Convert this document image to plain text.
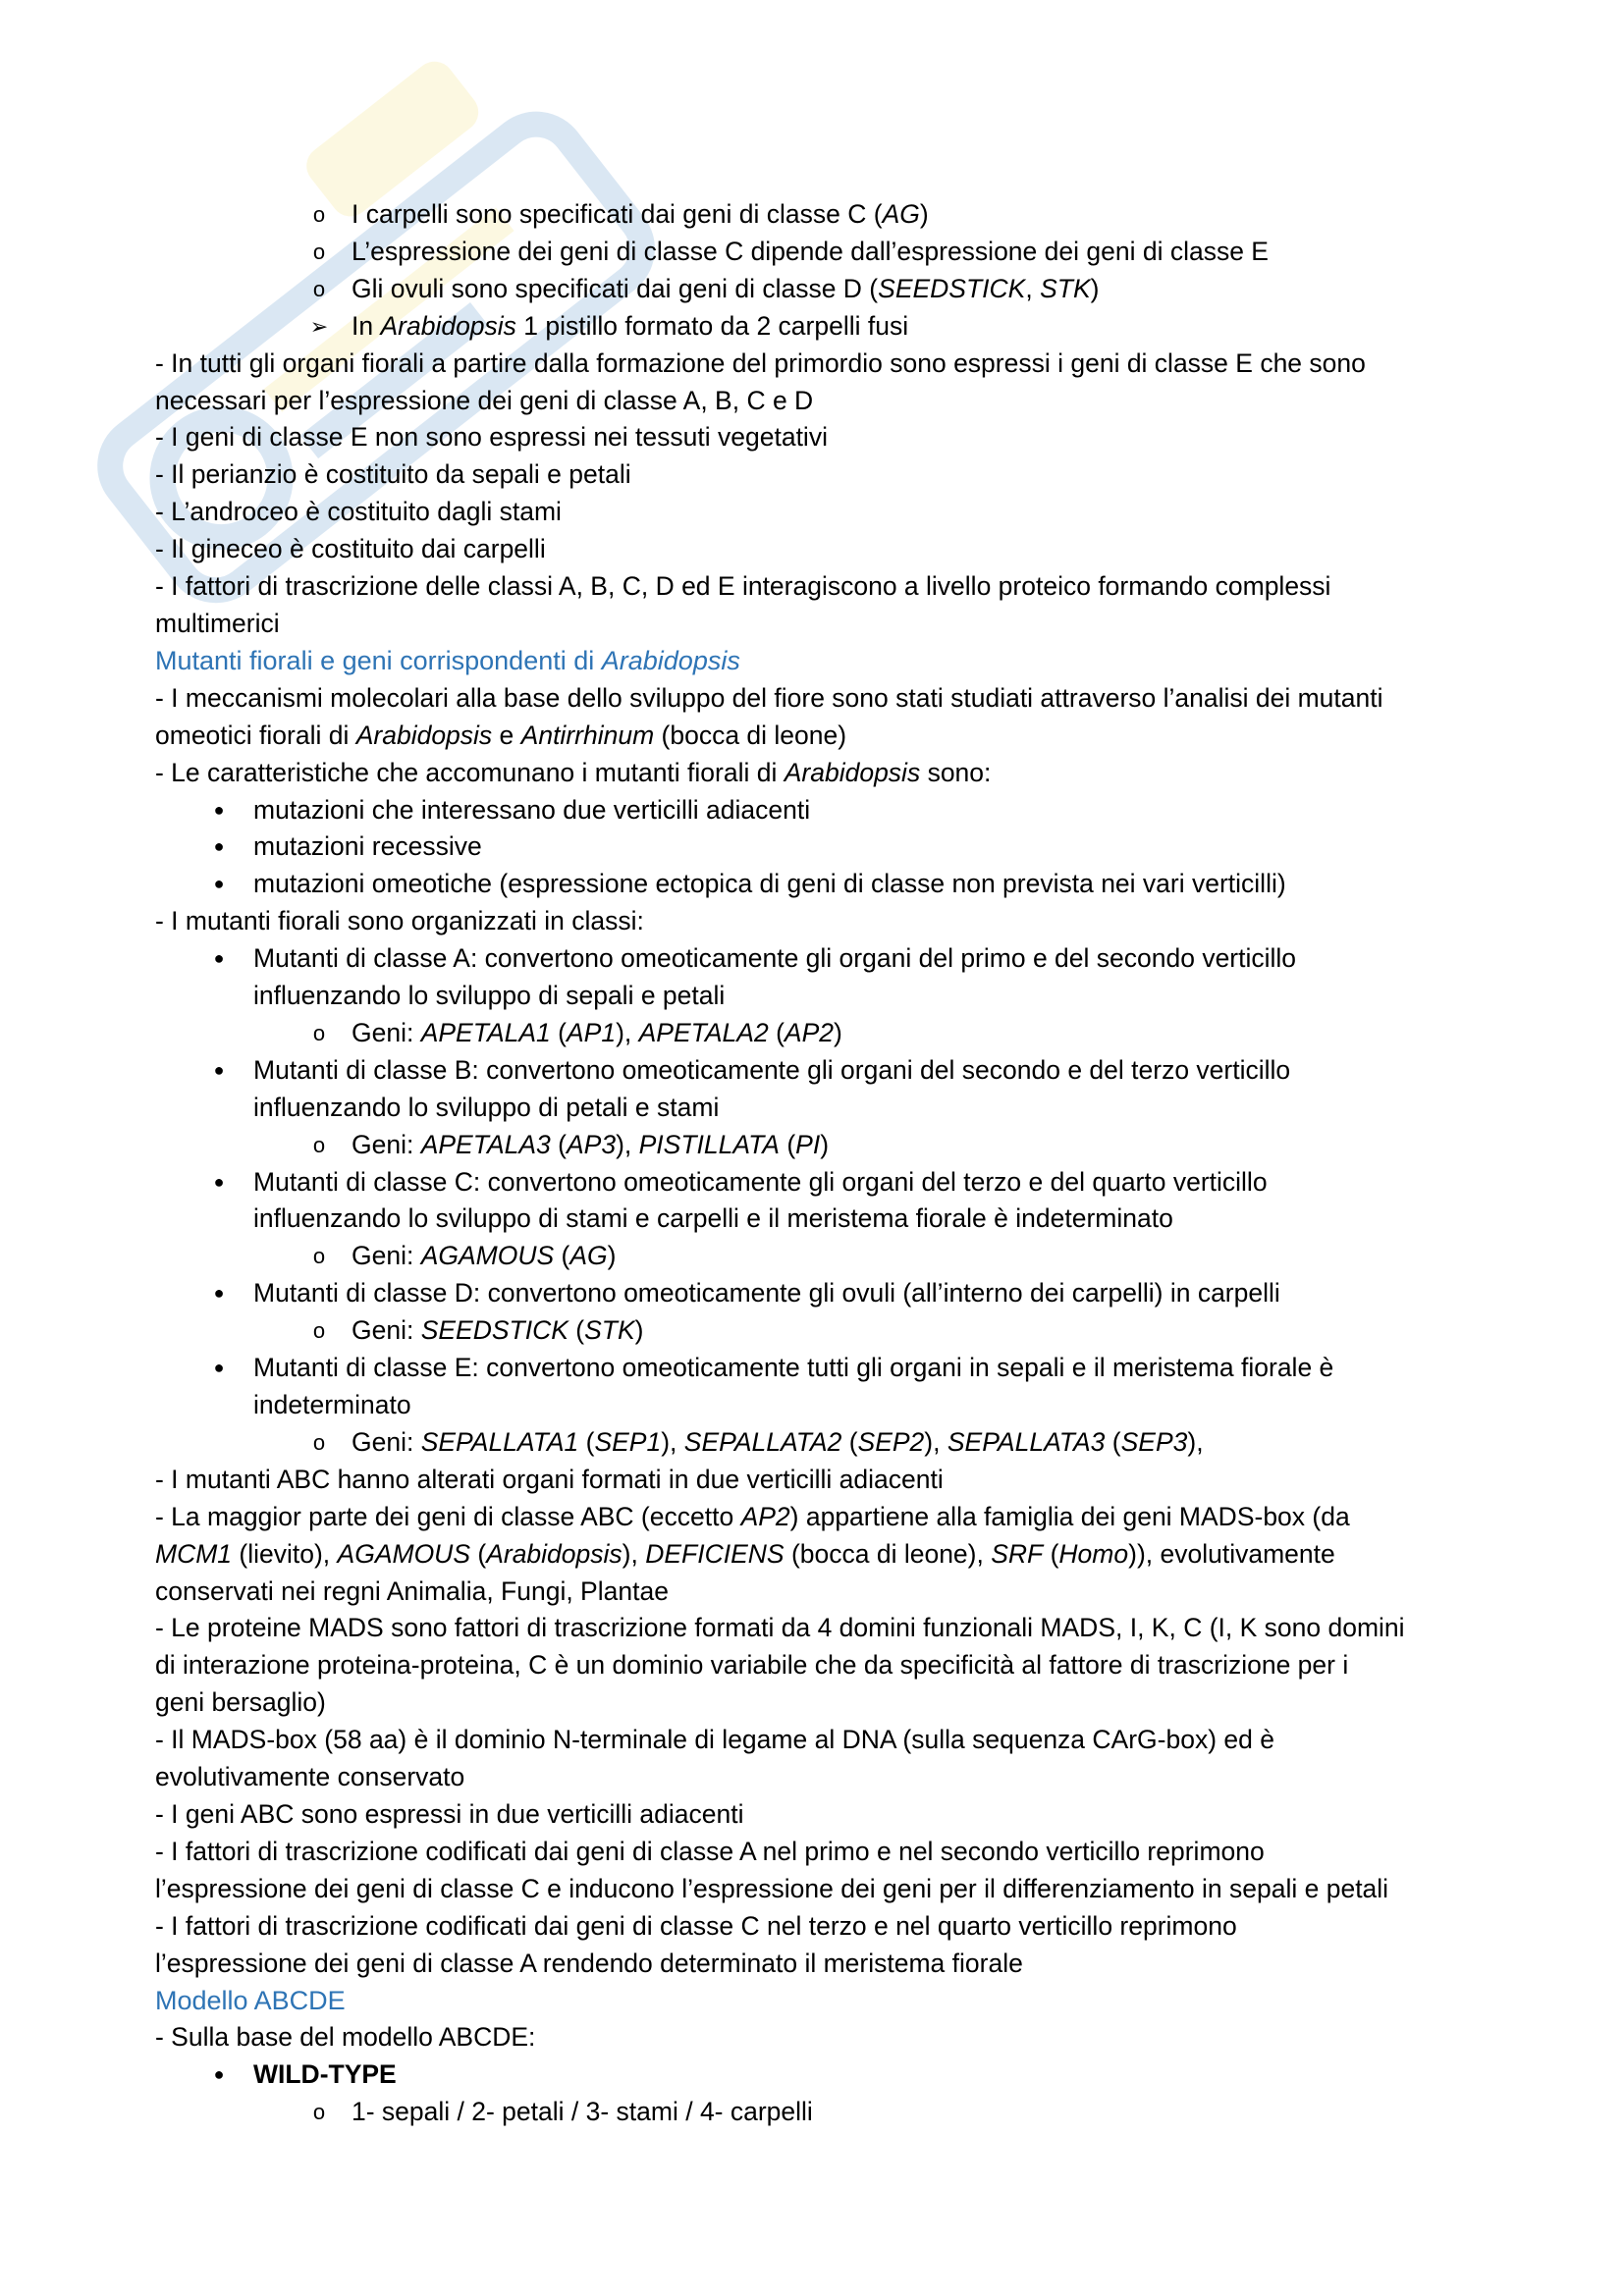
o	I carpelli sono specificati dai geni di classe C (AG)
o	L’espressione dei geni di classe C dipende dall’espressione dei geni di classe E
o	Gli ovuli sono specificati dai geni di classe D (SEEDSTICK, STK)
➢ In Arabidopsis 1 pistillo formato da 2 carpelli fusi
- In tutti gli organi fiorali a partire dalla formazione del primordio sono espressi i geni di classe E che sono
necessari per l’espressione dei geni di classe A, B, C e D
- I geni di classe E non sono espressi nei tessuti vegetativi
- Il perianzio è costituito da sepali e petali
- L’androceo è costituito dagli stami
- Il gineceo è costituito dai carpelli
- I fattori di trascrizione delle classi A, B, C, D ed E interagiscono a livello proteico formando complessi
multimerici
Mutanti fiorali e geni corrispondenti di Arabidopsis
- I meccanismi molecolari alla base dello sviluppo del fiore sono stati studiati attraverso l’analisi dei mutanti
omeotici fiorali di Arabidopsis e Antirrhinum (bocca di leone)
- Le caratteristiche che accomunano i mutanti fiorali di Arabidopsis sono:
●	mutazioni che interessano due verticilli adiacenti
●	mutazioni recessive
●	mutazioni omeotiche (espressione ectopica di geni di classe non prevista nei vari verticilli)
- I mutanti fiorali sono organizzati in classi:
●	Mutanti di classe A: convertono omeoticamente gli organi del primo e del secondo verticillo
influenzando lo sviluppo di sepali e petali
o	Geni: APETALA1 (AP1), APETALA2 (AP2)
●	Mutanti di classe B: convertono omeoticamente gli organi del secondo e del terzo verticillo
influenzando lo sviluppo di petali e stami
o	Geni: APETALA3 (AP3), PISTILLATA (PI)
●	Mutanti di classe C: convertono omeoticamente gli organi del terzo e del quarto verticillo
influenzando lo sviluppo di stami e carpelli e il meristema fiorale è indeterminato
o	Geni: AGAMOUS (AG)
●	Mutanti di classe D: convertono omeoticamente gli ovuli (all’interno dei carpelli) in carpelli
o	Geni: SEEDSTICK (STK)
●	Mutanti di classe E: convertono omeoticamente tutti gli organi in sepali e il meristema fiorale è
indeterminato
o	Geni: SEPALLATA1 (SEP1), SEPALLATA2 (SEP2), SEPALLATA3 (SEP3),
- I mutanti ABC hanno alterati organi formati in due verticilli adiacenti
- La maggior parte dei geni di classe ABC (eccetto AP2) appartiene alla famiglia dei geni MADS-box (da
MCM1 (lievito), AGAMOUS (Arabidopsis), DEFICIENS (bocca di leone), SRF (Homo)), evolutivamente
conservati nei regni Animalia, Fungi, Plantae
- Le proteine MADS sono fattori di trascrizione formati da 4 domini funzionali MADS, I, K, C (I, K sono domini
di interazione proteina-proteina, C è un dominio variabile che da specificità al fattore di trascrizione per i
geni bersaglio)
- Il MADS-box (58 aa) è il dominio N-terminale di legame al DNA (sulla sequenza CArG-box) ed è
evolutivamente conservato
- I geni ABC sono espressi in due verticilli adiacenti
- I fattori di trascrizione codificati dai geni di classe A nel primo e nel secondo verticillo reprimono
l’espressione dei geni di classe C e inducono l’espressione dei geni per il differenziamento in sepali e petali
- I fattori di trascrizione codificati dai geni di classe C nel terzo e nel quarto verticillo reprimono
l’espressione dei geni di classe A rendendo determinato il meristema fiorale
Modello ABCDE
- Sulla base del modello ABCDE:
●	WILD-TYPE
o	1- sepali / 2- petali / 3- stami / 4- carpelli
